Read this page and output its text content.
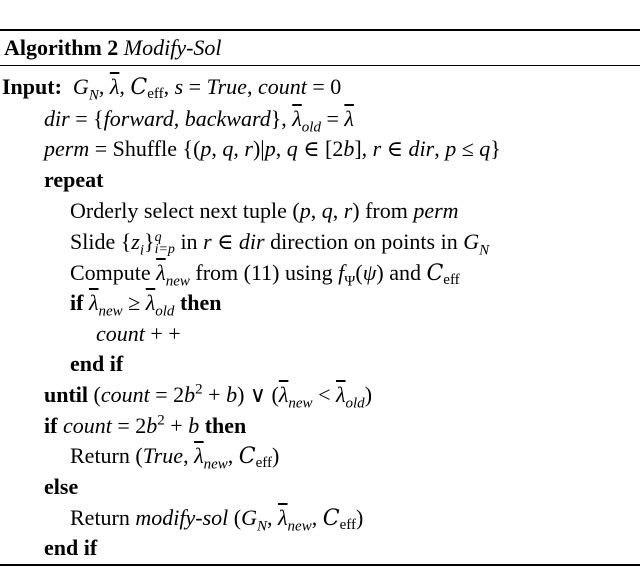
Algorithm 2 Modify-Sol
Input: $G_N$, $\overline{\lambda}$, Ceff, s = True, count = 0
dir = {forward, backward}, $\overline{\lambda}_{old} = \overline{\lambda}$
perm = Shuffle {(p, q, r)|p, q ∈ [2b], r ∈ dir, p ≤ q}
repeat
Orderly select next tuple (p, q, r) from perm
Slide $\{z_i\}$ q
i=p in r ∈ dir direction on points in $G_N$
Compute $\overline{\lambda}_{new}$ from (11) using $f_\Psi(\psi)$ and Ceff
if $\overline{\lambda}_{new} \ge \overline{\lambda}_{old}$ then
count + +
end if
until (count = $2b^2 + b$) ∨ $(\overline{\lambda}_{new} < \overline{\lambda}_{old})$
if count = $2b^2 + b$ then
Return (True, $\overline{\lambda}_{new}$, Ceff)
else
Return modify-sol ($G_N$, $\overline{\lambda}_{new}$, Ceff)
end if
